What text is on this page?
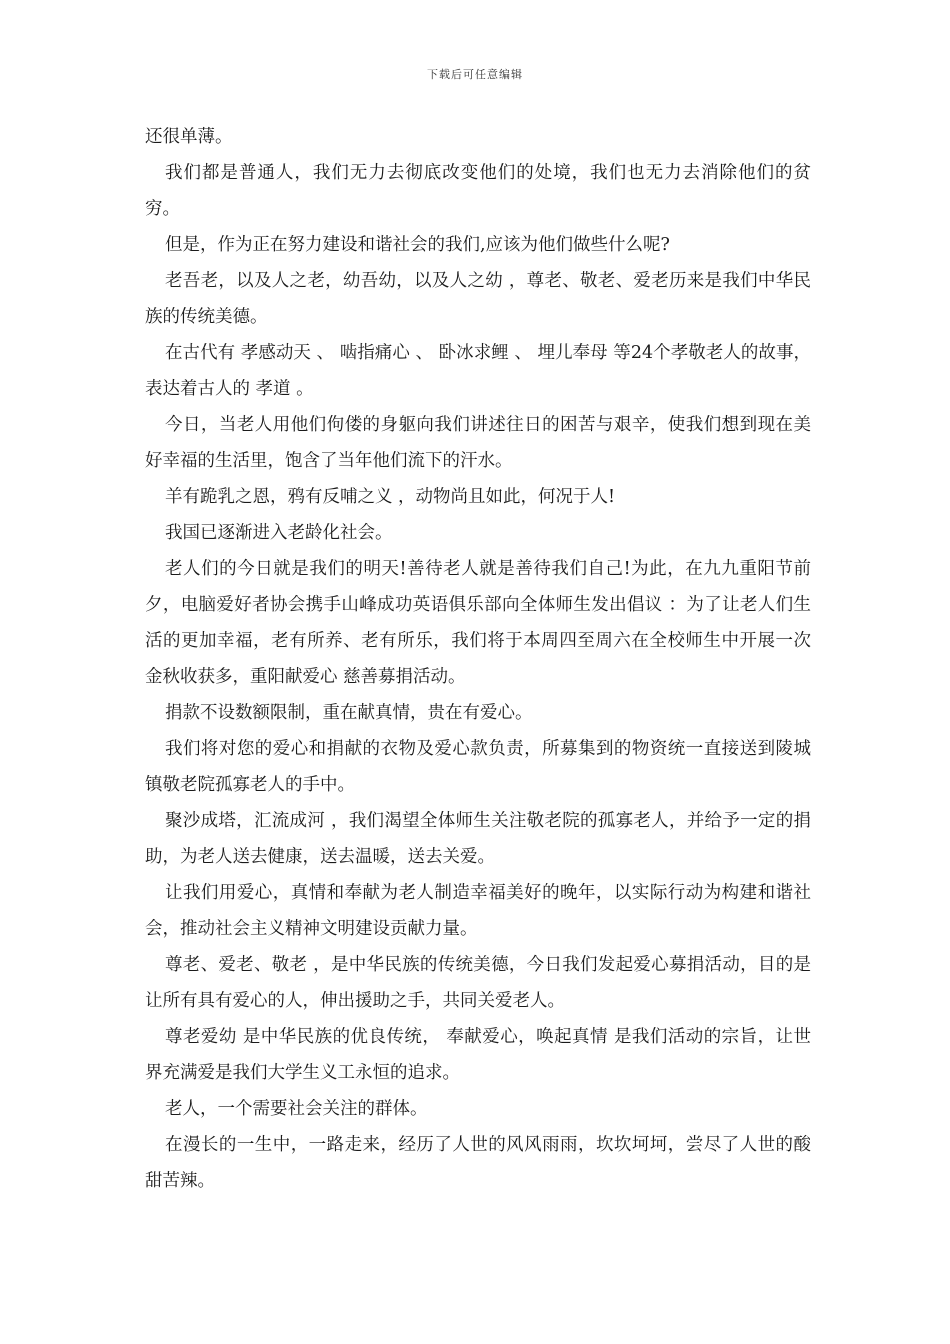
下载后可任意编辑

还很单薄。

我们都是普通人，我们无力去彻底改变他们的处境，我们也无力去消除他们的贫穷。

但是，作为正在努力建设和谐社会的我们,应该为他们做些什么呢?

老吾老，以及人之老，幼吾幼，以及人之幼 ，尊老、敬老、爱老历来是我们中华民族的传统美德。

在古代有 孝感动天 、 啮指痛心 、 卧冰求鲤 、 埋儿奉母 等24个孝敬老人的故事，表达着古人的 孝道 。

今日，当老人用他们佝偻的身躯向我们讲述往日的困苦与艰辛，使我们想到现在美好幸福的生活里，饱含了当年他们流下的汗水。

羊有跪乳之恩，鸦有反哺之义 ，动物尚且如此，何况于人!

我国已逐渐进入老龄化社会。

老人们的今日就是我们的明天!善待老人就是善待我们自己!为此，在九九重阳节前夕，电脑爱好者协会携手山峰成功英语俱乐部向全体师生发出倡议 ：为了让老人们生活的更加幸福，老有所养、老有所乐，我们将于本周四至周六在全校师生中开展一次 金秋收获多，重阳献爱心 慈善募捐活动。

捐款不设数额限制，重在献真情，贵在有爱心。

我们将对您的爱心和捐献的衣物及爱心款负责，所募集到的物资统一直接送到陵城镇敬老院孤寡老人的手中。

聚沙成塔，汇流成河 ，我们渴望全体师生关注敬老院的孤寡老人，并给予一定的捐助，为老人送去健康，送去温暖，送去关爱。

让我们用爱心，真情和奉献为老人制造幸福美好的晚年，以实际行动为构建和谐社会，推动社会主义精神文明建设贡献力量。

尊老、爱老、敬老 ，是中华民族的传统美德，今日我们发起爱心募捐活动，目的是让所有具有爱心的人，伸出援助之手，共同关爱老人。

尊老爱幼 是中华民族的优良传统， 奉献爱心，唤起真情 是我们活动的宗旨，让世界充满爱是我们大学生义工永恒的追求。

老人，一个需要社会关注的群体。

在漫长的一生中，一路走来，经历了人世的风风雨雨，坎坎坷坷，尝尽了人世的酸甜苦辣。
